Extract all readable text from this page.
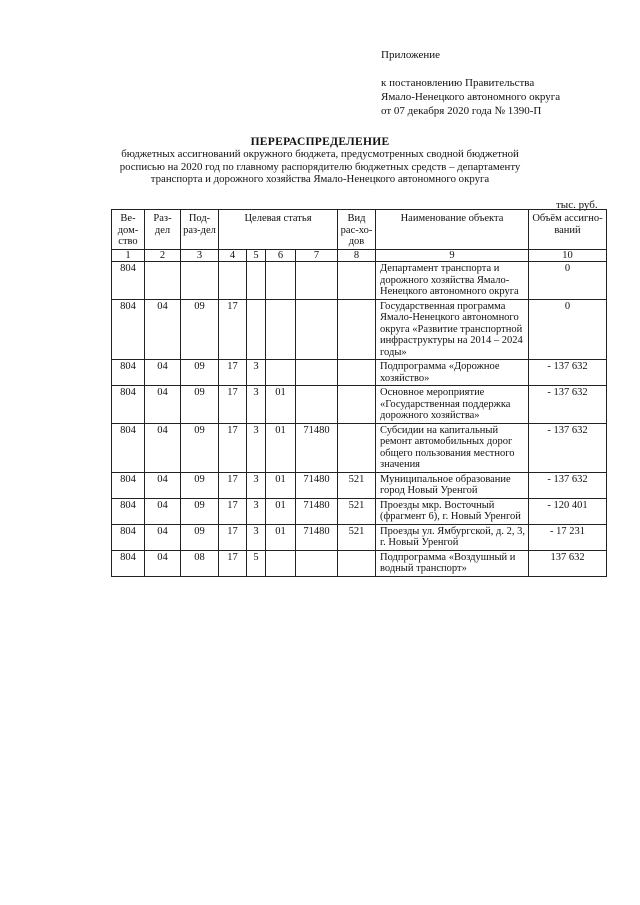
Приложение
к постановлению Правительства
Ямало-Ненецкого автономного округа
от 07 декабря 2020 года № 1390-П
ПЕРЕРАСПРЕДЕЛЕНИЕ
бюджетных ассигнований окружного бюджета, предусмотренных сводной бюджетной
росписью на 2020 год по главному распорядителю бюджетных средств – департаменту
транспорта и дорожного хозяйства Ямало-Ненецкого автономного округа
тыс. руб.
Ве-дом-ство	Раз-дел	Под-раз-дел	Целевая статья				Вид рас-хо-дов	Наименование объекта	Объём ассигно-ваний
1	2	3	4	5	6	7	8	9	10
804								Департамент транспорта и дорожного хозяйства Ямало-Ненецкого автономного округа	0
804	04	09	17					Государственная программа Ямало-Ненецкого автономного округа «Развитие транспортной инфраструктуры на 2014 – 2024 годы»	0
804	04	09	17	3				Подпрограмма «Дорожное хозяйство»	- 137 632
804	04	09	17	3	01			Основное мероприятие «Государственная поддержка дорожного хозяйства»	- 137 632
804	04	09	17	3	01	71480		Субсидии на капитальный ремонт автомобильных дорог общего пользования местного значения	- 137 632
804	04	09	17	3	01	71480	521	Муниципальное образование город Новый Уренгой	- 137 632
804	04	09	17	3	01	71480	521	Проезды мкр. Восточный (фрагмент 6), г. Новый Уренгой	- 120 401
804	04	09	17	3	01	71480	521	Проезды ул. Ямбургской, д. 2, 3, г. Новый Уренгой	- 17 231
804	04	08	17	5				Подпрограмма «Воздушный и водный транспорт»	137 632
